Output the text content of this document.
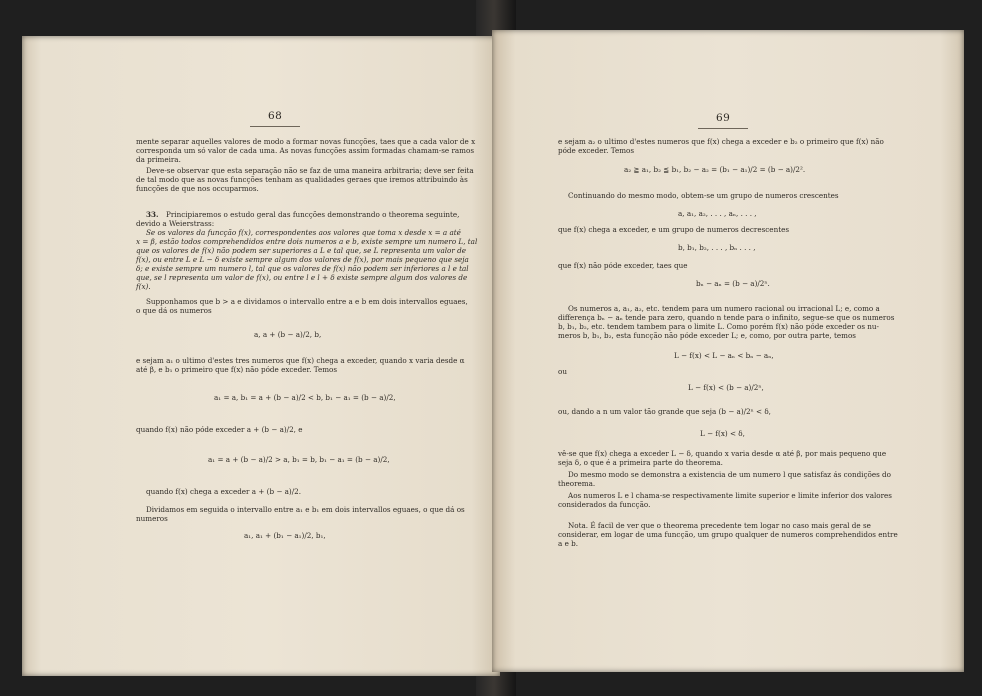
68
mente separar aquelles valores de modo a formar novas funcções, taes que a cada valor de x
corresponda um só valor de cada uma. As novas funcções assim formadas chamam-se ramos
da primeira.
Deve-se observar que esta separação não se faz de uma maneira arbitraria; deve ser feita
de tal modo que as novas funcções tenham as qualidades geraes que iremos attribuindo às
funcções de que nos occuparmos.
33. Principiaremos o estudo geral das funcções demonstrando o theorema seguinte,
devido a Weierstrass:
Se os valores da funcção f(x), correspondentes aos valores que toma x desde x = a até
x = β, estão todos comprehendidos entre dois numeros a e b, existe sempre um numero L, tal
que os valores de f(x) não podem ser superiores a L e tal que, se L representa um valor de
f(x), ou entre L e L − δ existe sempre algum dos valores de f(x), por mais pequeno que seja
δ; e existe sempre um numero l, tal que os valores de f(x) não podem ser inferiores a l e tal
que, se l representa um valor de f(x), ou entre l e l + δ existe sempre algum dos valores de
f(x).
Supponhamos que b > a e dividamos o intervallo entre a e b em dois intervallos eguaes,
o que dá os numeros
a, a + (b − a)/2, b,
e sejam a₁ o ultimo d'estes tres numeros que f(x) chega a exceder, quando x varia desde α
até β, e b₁ o primeiro que f(x) não póde exceder. Temos
a₁ = a, b₁ = a + (b − a)/2 < b, b₁ − a₁ = (b − a)/2,
quando f(x) não póde exceder a + (b − a)/2, e
a₁ = a + (b − a)/2 > a, b₁ = b, b₁ − a₁ = (b − a)/2,
quando f(x) chega a exceder a + (b − a)/2.
Dividamos em seguida o intervallo entre a₁ e b₁ em dois intervallos eguaes, o que dá os
numeros
a₁, a₁ + (b₁ − a₁)/2, b₁,
69
e sejam a₂ o ultimo d'estes numeros que f(x) chega a exceder e b₂ o primeiro que f(x) não
póde exceder. Temos
a₂ ≧ a₁, b₂ ≦ b₁, b₂ − a₂ = (b₁ − a₁)/2 = (b − a)/2².
Continuando do mesmo modo, obtem-se um grupo de numeros crescentes
a, a₁, a₂, . . . , aₙ, . . . ,
que f(x) chega a exceder, e um grupo de numeros decrescentes
b, b₁, b₂, . . . , bₙ . . . ,
que f(x) não póde exceder, taes que
bₙ − aₙ = (b − a)/2ⁿ.
Os numeros a, a₁, a₂, etc. tendem para um numero racional ou irracional L; e, como a
differença bₙ − aₙ tende para zero, quando n tende para o infinito, segue-se que os numeros
b, b₁, b₂, etc. tendem tambem para o limite L. Como porém f(x) não póde exceder os nu-
meros b, b₁, b₂, esta funcção não póde exceder L; e, como, por outra parte, temos
L − f(x) < L − aₙ < bₙ − aₙ,
ou
L − f(x) < (b − a)/2ⁿ,
ou, dando a n um valor tão grande que seja (b − a)/2ⁿ < δ,
L − f(x) < δ,
vê-se que f(x) chega a exceder L − δ, quando x varia desde α até β, por mais pequeno que
seja δ, o que é a primeira parte do theorema.
Do mesmo modo se demonstra a existencia de um numero l que satisfaz ás condições do
theorema.
Aos numeros L e l chama-se respectivamente limite superior e limite inferior dos valores
considerados da funcção.
Nota. É facil de ver que o theorema precedente tem logar no caso mais geral de se
considerar, em logar de uma funcção, um grupo qualquer de numeros comprehendidos entre
a e b.
